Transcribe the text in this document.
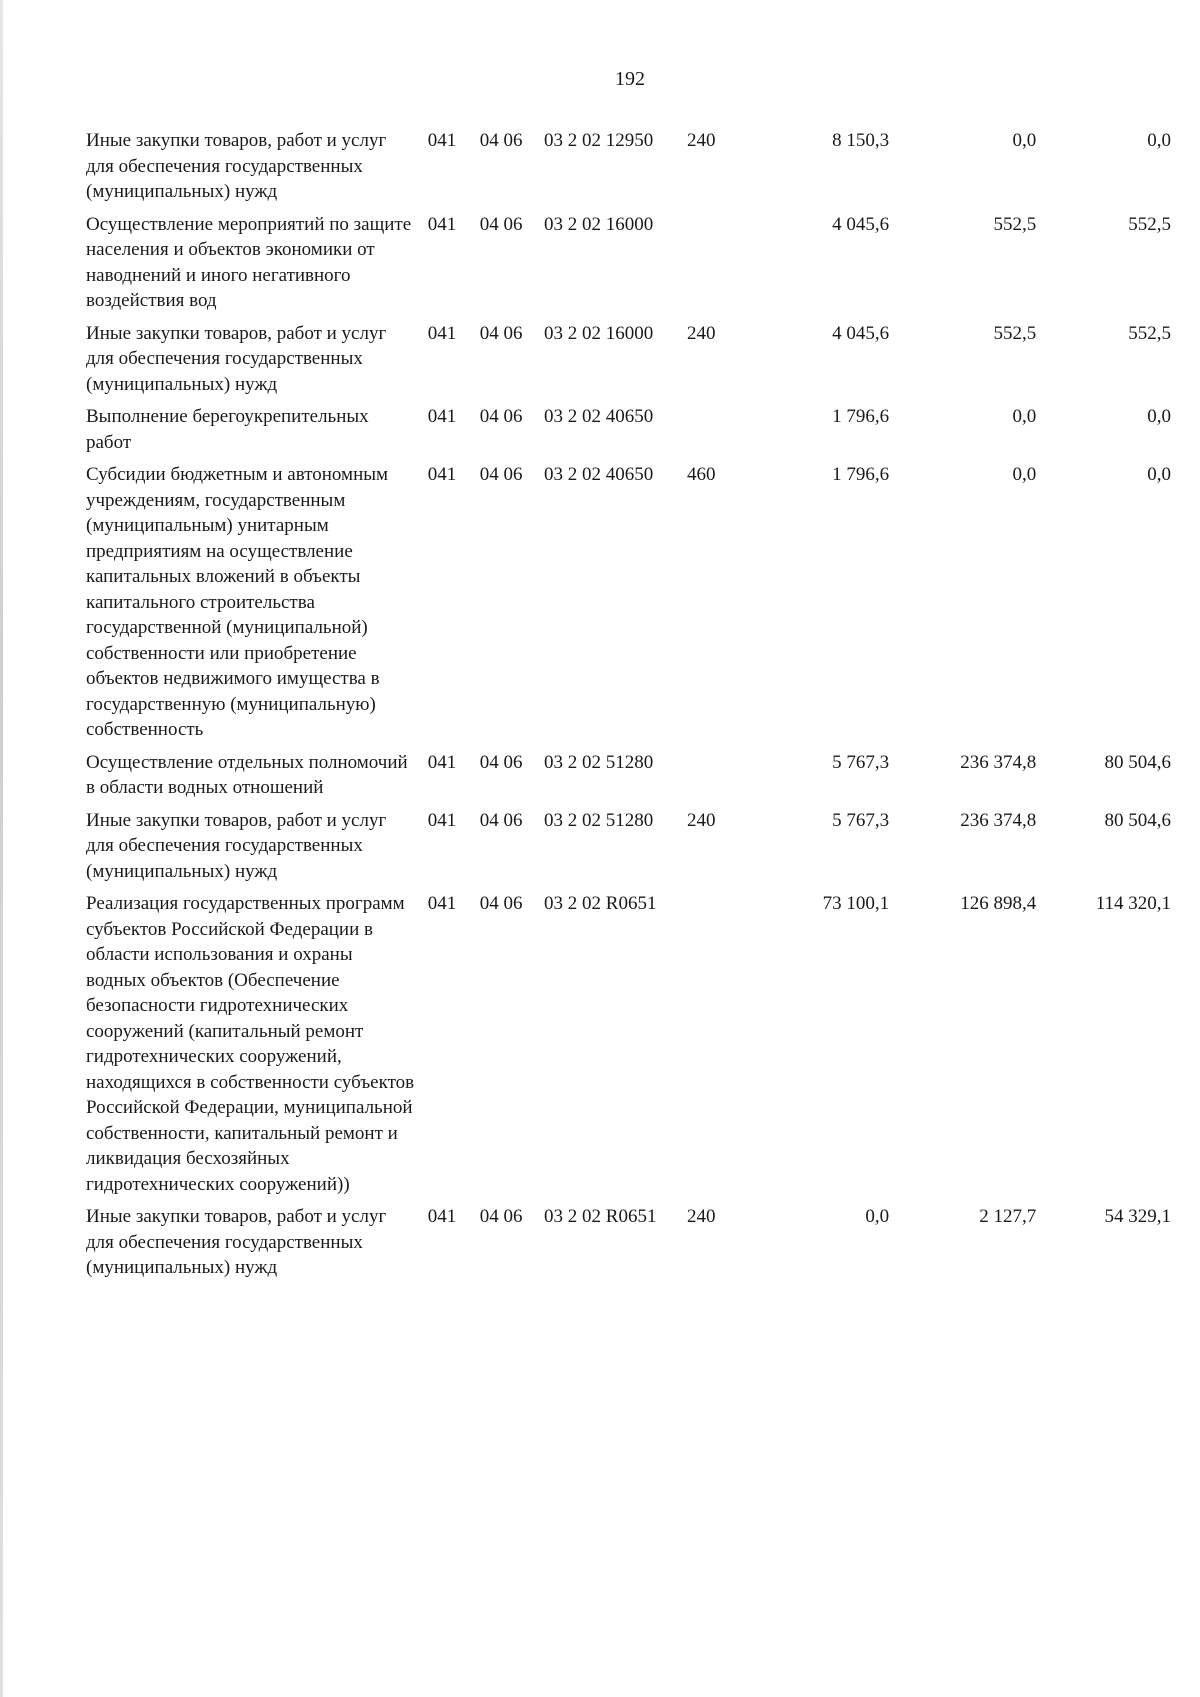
192
Иные закупки товаров, работ и услуг для обеспечения государственных (муниципальных) нужд	041	04 06	03 2 02 12950	240	8 150,3	0,0	0,0
Осуществление мероприятий по защите населения и объектов экономики от наводнений и иного негативного воздействия вод	041	04 06	03 2 02 16000		4 045,6	552,5	552,5
Иные закупки товаров, работ и услуг для обеспечения государственных (муниципальных) нужд	041	04 06	03 2 02 16000	240	4 045,6	552,5	552,5
Выполнение берегоукрепительных работ	041	04 06	03 2 02 40650		1 796,6	0,0	0,0
Субсидии бюджетным и автономным учреждениям, государственным (муниципальным) унитарным предприятиям на осуществление капитальных вложений в объекты капитального строительства государственной (муниципальной) собственности или приобретение объектов недвижимого имущества в государственную (муниципальную) собственность	041	04 06	03 2 02 40650	460	1 796,6	0,0	0,0
Осуществление отдельных полномочий в области водных отношений	041	04 06	03 2 02 51280		5 767,3	236 374,8	80 504,6
Иные закупки товаров, работ и услуг для обеспечения государственных (муниципальных) нужд	041	04 06	03 2 02 51280	240	5 767,3	236 374,8	80 504,6
Реализация государственных программ субъектов Российской Федерации в области использования и охраны водных объектов (Обеспечение безопасности гидротехнических сооружений (капитальный ремонт гидротехнических сооружений, находящихся в собственности субъектов Российской Федерации, муниципальной собственности, капитальный ремонт и ликвидация бесхозяйных гидротехнических сооружений))	041	04 06	03 2 02 R0651		73 100,1	126 898,4	114 320,1
Иные закупки товаров, работ и услуг для обеспечения государственных (муниципальных) нужд	041	04 06	03 2 02 R0651	240	0,0	2 127,7	54 329,1
